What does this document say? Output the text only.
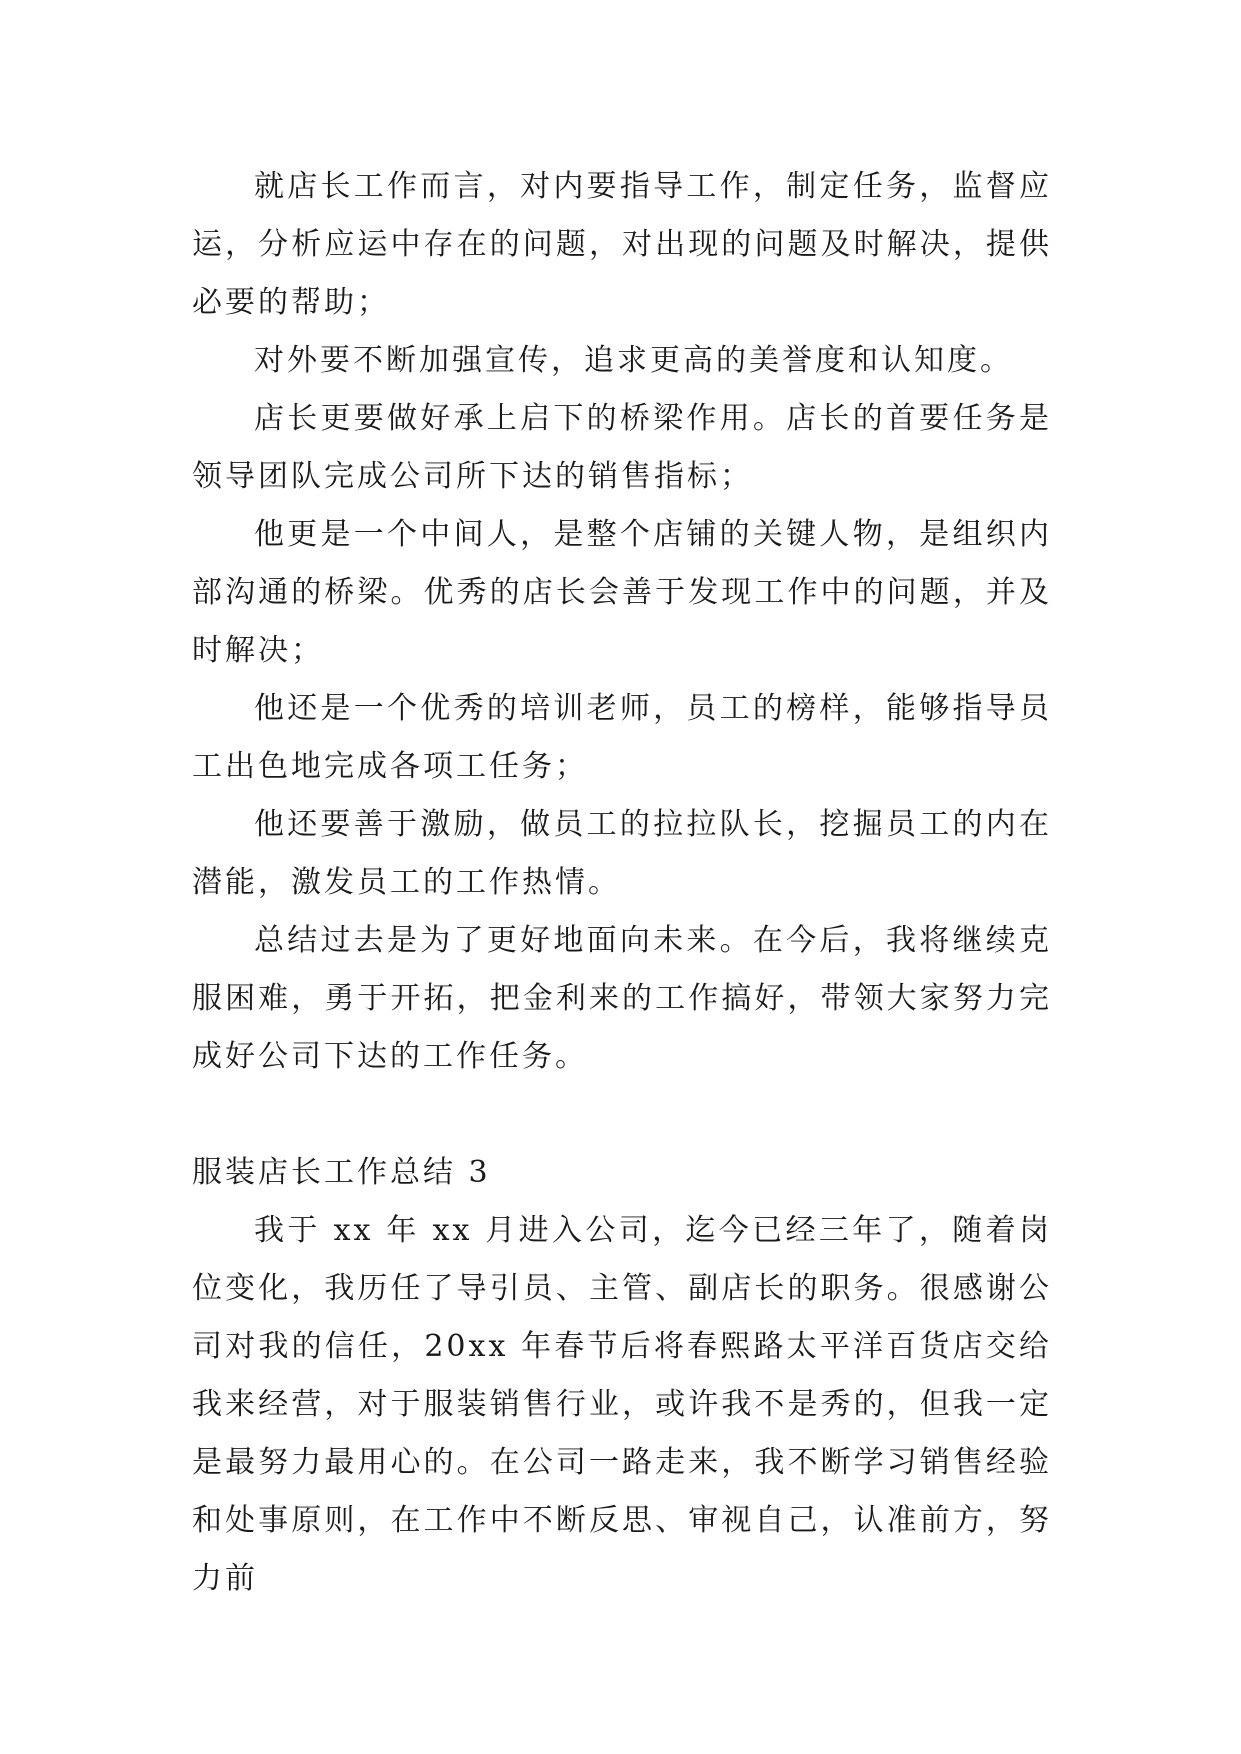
就店长工作而言，对内要指导工作，制定任务，监督应运，分析应运中存在的问题，对出现的问题及时解决，提供必要的帮助；

对外要不断加强宣传，追求更高的美誉度和认知度。

店长更要做好承上启下的桥梁作用。店长的首要任务是领导团队完成公司所下达的销售指标；

他更是一个中间人，是整个店铺的关键人物，是组织内部沟通的桥梁。优秀的店长会善于发现工作中的问题，并及时解决；

他还是一个优秀的培训老师，员工的榜样，能够指导员工出色地完成各项工任务；

他还要善于激励，做员工的拉拉队长，挖掘员工的内在潜能，激发员工的工作热情。

总结过去是为了更好地面向未来。在今后，我将继续克服困难，勇于开拓，把金利来的工作搞好，带领大家努力完成好公司下达的工作任务。

服装店长工作总结 3

我于 xx 年 xx 月进入公司，迄今已经三年了，随着岗位变化，我历任了导引员、主管、副店长的职务。很感谢公司对我的信任，20xx 年春节后将春熙路太平洋百货店交给我来经营，对于服装销售行业，或许我不是秀的，但我一定是最努力最用心的。在公司一路走来，我不断学习销售经验和处事原则，在工作中不断反思、审视自己，认准前方，努力前
